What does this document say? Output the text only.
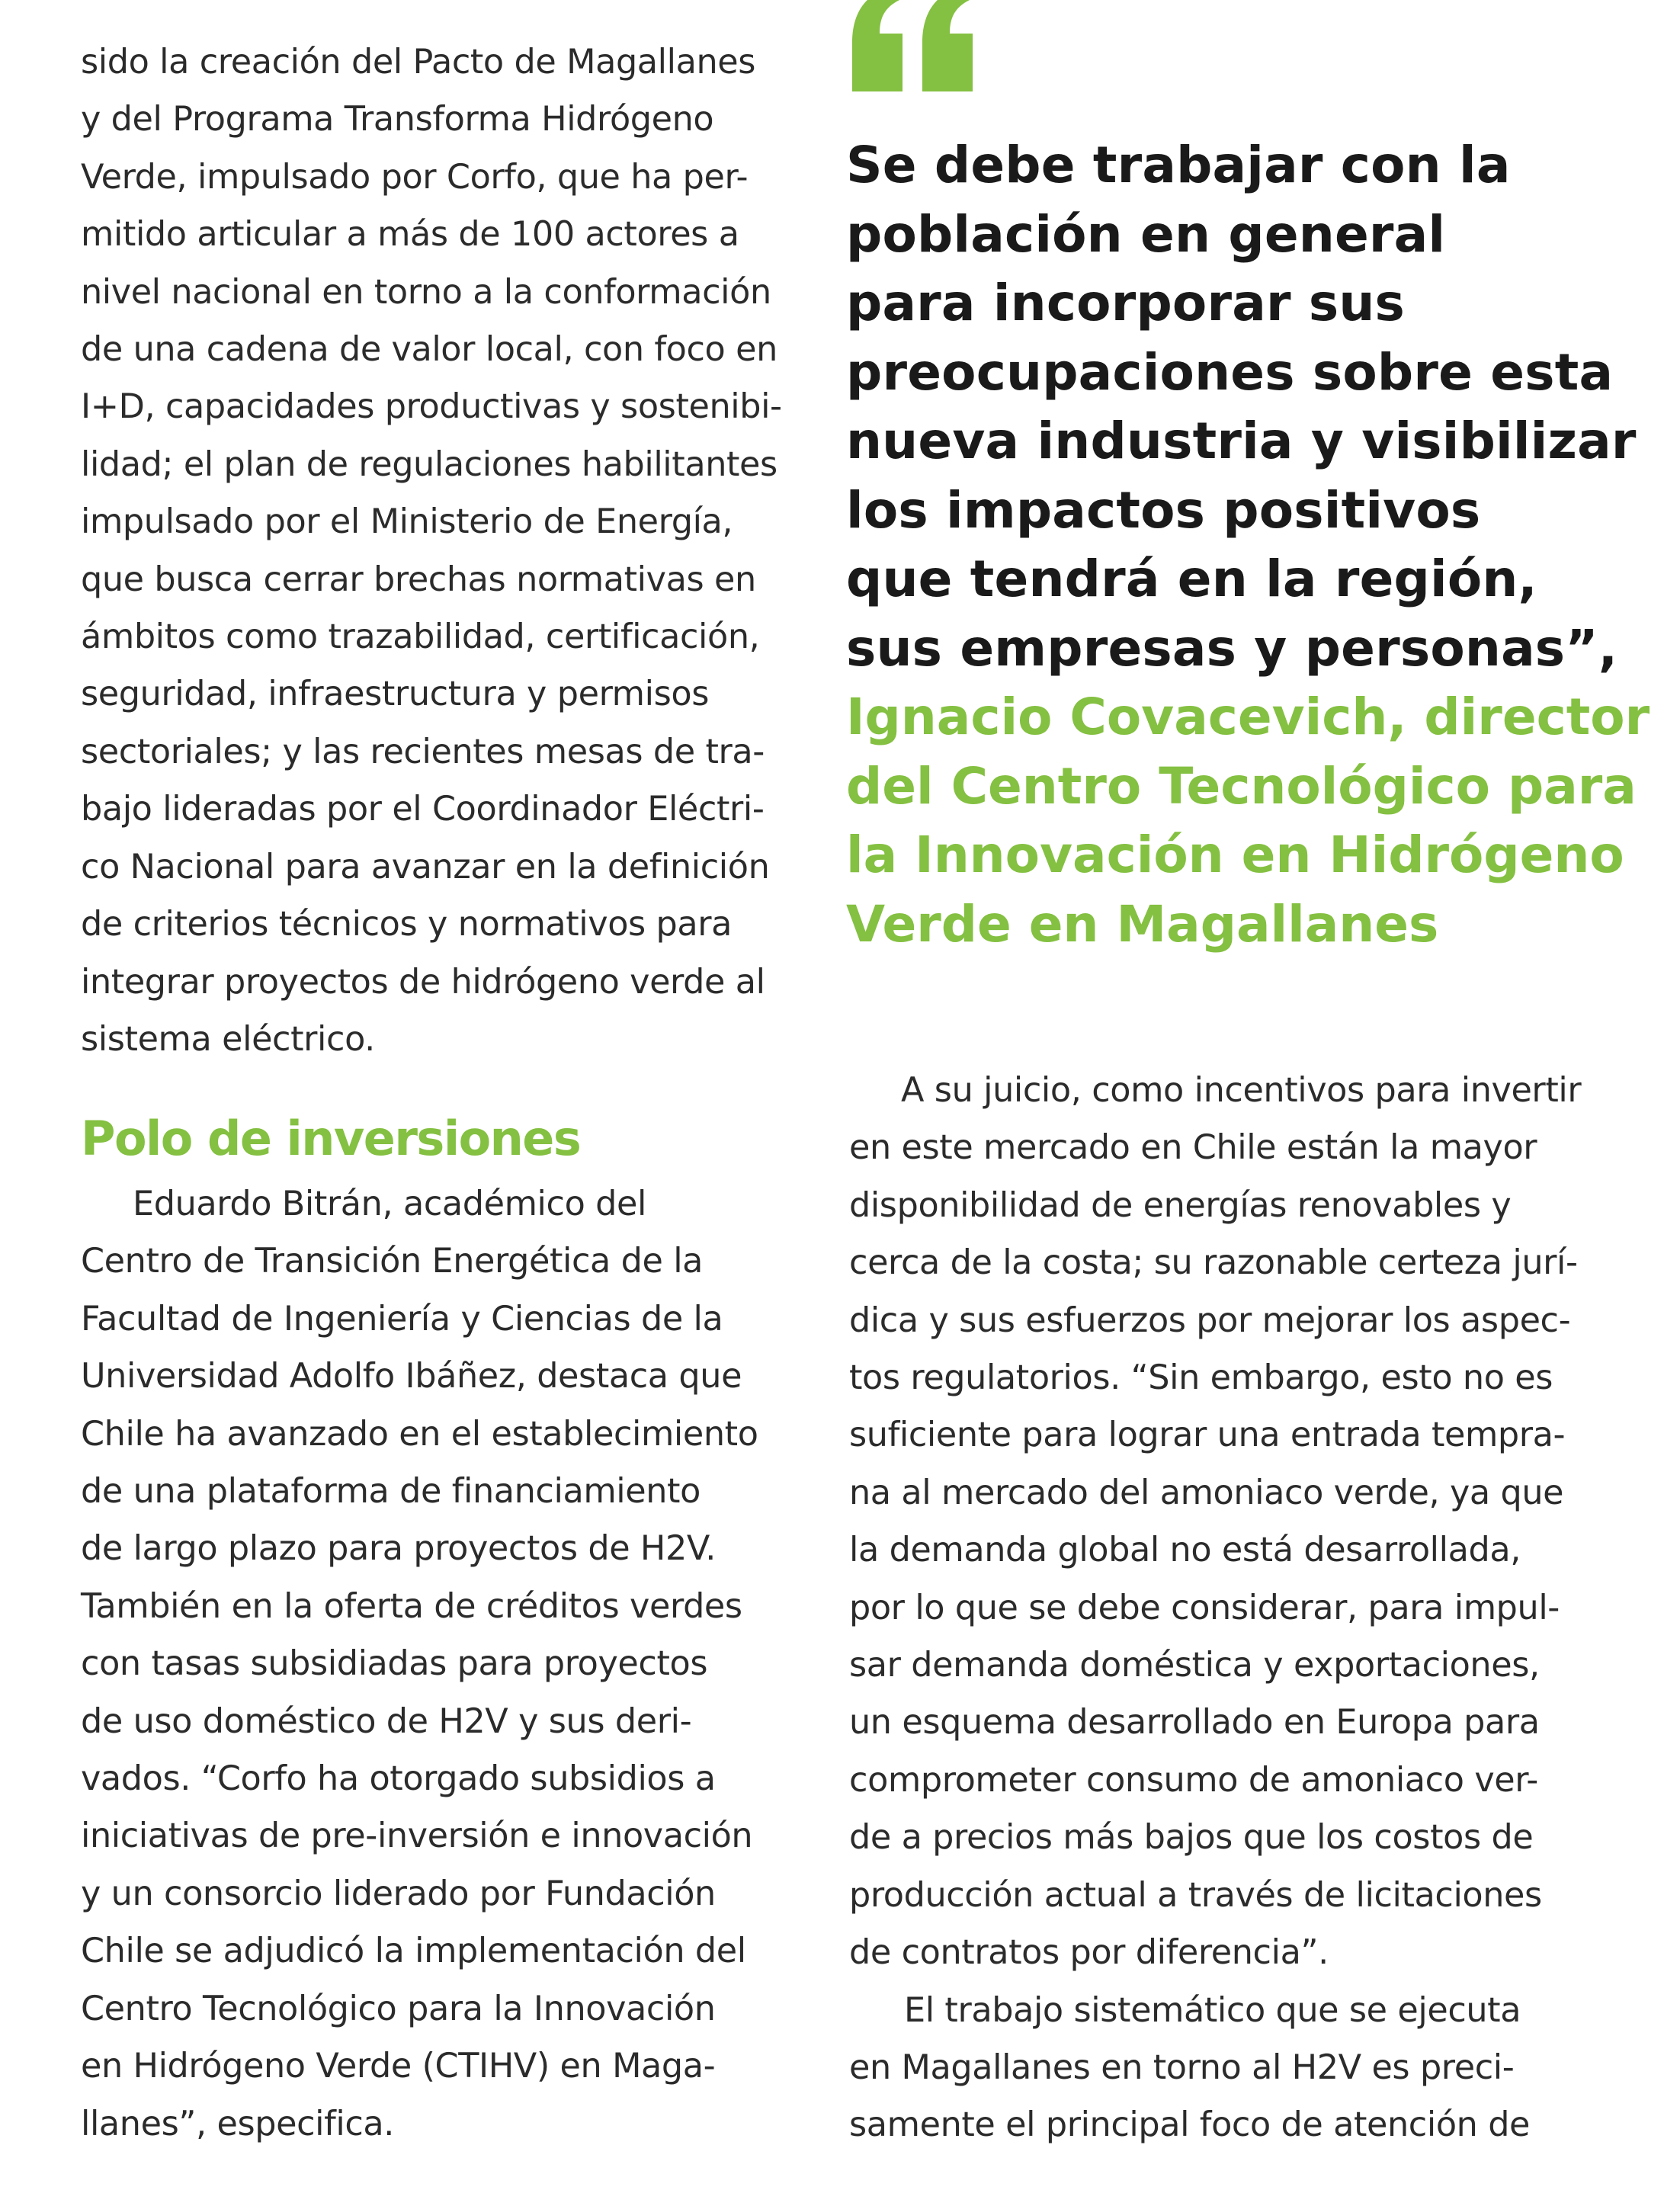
sido la creación del Pacto de Magallanes

y del Programa Transforma Hidrógeno

Verde, impulsado por Corfo, que ha per-

mitido articular a más de 100 actores a

nivel nacional en torno a la conformación

de una cadena de valor local, con foco en

I+D, capacidades productivas y sostenibi-

lidad; el plan de regulaciones habilitantes

impulsado por el Ministerio de Energía,

que busca cerrar brechas normativas en

ámbitos como trazabilidad, certificación,

seguridad, infraestructura y permisos

sectoriales; y las recientes mesas de tra-

bajo lideradas por el Coordinador Eléctri-

co Nacional para avanzar en la definición

de criterios técnicos y normativos para

integrar proyectos de hidrógeno verde al

sistema eléctrico.

Polo de inversiones

Eduardo Bitrán, académico del

Centro de Transición Energética de la

Facultad de Ingeniería y Ciencias de la

Universidad Adolfo Ibáñez, destaca que

Chile ha avanzado en el establecimiento

de una plataforma de financiamiento

de largo plazo para proyectos de H2V.

También en la oferta de créditos verdes

con tasas subsidiadas para proyectos

de uso doméstico de H2V y sus deri-

vados. “Corfo ha otorgado subsidios a

iniciativas de pre-inversión e innovación

y un consorcio liderado por Fundación

Chile se adjudicó la implementación del

Centro Tecnológico para la Innovación

en Hidrógeno Verde (CTIHV) en Maga-

llanes”, especifica.

Se debe trabajar con la

población en general

para incorporar sus

preocupaciones sobre esta

nueva industria y visibilizar

los impactos positivos

que tendrá en la región,

sus empresas y personas”,

Ignacio Covacevich, director

del Centro Tecnológico para

la Innovación en Hidrógeno

Verde en Magallanes

A su juicio, como incentivos para invertir

en este mercado en Chile están la mayor

disponibilidad de energías renovables y

cerca de la costa; su razonable certeza jurí-

dica y sus esfuerzos por mejorar los aspec-

tos regulatorios. “Sin embargo, esto no es

suficiente para lograr una entrada tempra-

na al mercado del amoniaco verde, ya que

la demanda global no está desarrollada,

por lo que se debe considerar, para impul-

sar demanda doméstica y exportaciones,

un esquema desarrollado en Europa para

comprometer consumo de amoniaco ver-

de a precios más bajos que los costos de

producción actual a través de licitaciones

de contratos por diferencia”.

El trabajo sistemático que se ejecuta

en Magallanes en torno al H2V es preci-

samente el principal foco de atención de
